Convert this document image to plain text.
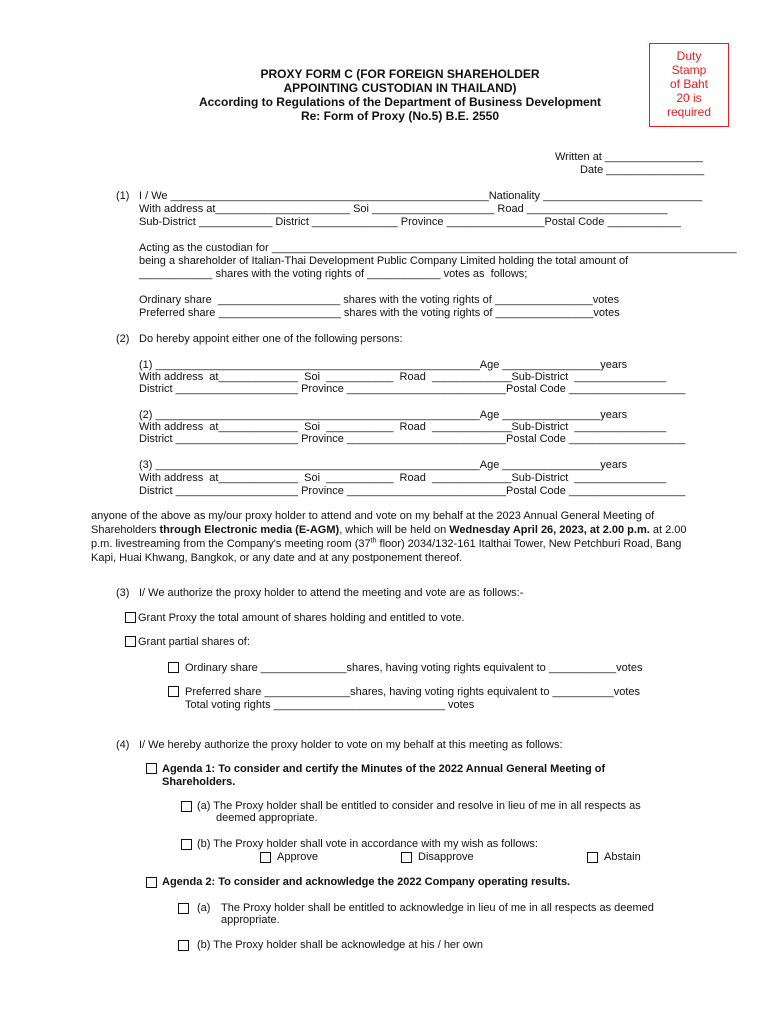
Duty
Stamp
of Baht
20 is
required
PROXY FORM C (FOR FOREIGN SHAREHOLDER
APPOINTING CUSTODIAN IN THAILAND)
According to Regulations of the Department of Business Development
Re: Form of Proxy (No.5) B.E. 2550
Written at ________________
Date ________________
(1) I / We ____________________________________________________Nationality __________________________
With address at______________________ Soi ____________________ Road _______________________
Sub-District ____________ District ______________ Province ________________Postal Code ____________
Acting as the custodian for ____________________________________________________________________________
being a shareholder of Italian-Thai Development Public Company Limited holding the total amount of
____________ shares with the voting rights of ____________ votes as  follows;
Ordinary share  ____________________ shares with the voting rights of ________________votes
Preferred share ____________________ shares with the voting rights of ________________votes
(2) Do hereby appoint either one of the following persons:
(1) _____________________________________________________Age ________________years
With address  at_____________  Soi  ___________  Road  _____________Sub-District  _______________
District ____________________ Province __________________________Postal Code ___________________
(2) _____________________________________________________Age ________________years
With address  at_____________  Soi  ___________  Road  _____________Sub-District  _______________
District ____________________ Province __________________________Postal Code ___________________
(3) _____________________________________________________Age ________________years
With address  at_____________  Soi  ___________  Road  _____________Sub-District  _______________
District ____________________ Province __________________________Postal Code ___________________
anyone of the above as my/our proxy holder to attend and vote on my behalf at the 2023 Annual General Meeting of Shareholders through Electronic media (E-AGM), which will be held on Wednesday April 26, 2023, at 2.00 p.m. at 2.00 p.m. livestreaming from the Company's meeting room (37th floor) 2034/132-161 Italthai Tower, New Petchburi Road, Bang Kapi, Huai Khwang, Bangkok, or any date and at any postponement thereof.
(3) I/ We authorize the proxy holder to attend the meeting and vote are as follows:-
Grant Proxy the total amount of shares holding and entitled to vote.
Grant partial shares of:
Ordinary share ______________shares, having voting rights equivalent to ___________votes
Preferred share ______________shares, having voting rights equivalent to __________votes
Total voting rights ____________________________ votes
(4) I/ We hereby authorize the proxy holder to vote on my behalf at this meeting as follows:
Agenda 1: To consider and certify the Minutes of the 2022 Annual General Meeting of
Shareholders.
(a) The Proxy holder shall be entitled to consider and resolve in lieu of me in all respects as
deemed appropriate.
(b) The Proxy holder shall vote in accordance with my wish as follows:
Approve	Disapprove	Abstain
Agenda 2: To consider and acknowledge the 2022 Company operating results.
(a) The Proxy holder shall be entitled to acknowledge in lieu of me in all respects as deemed
appropriate.
(b) The Proxy holder shall be acknowledge at his / her own
